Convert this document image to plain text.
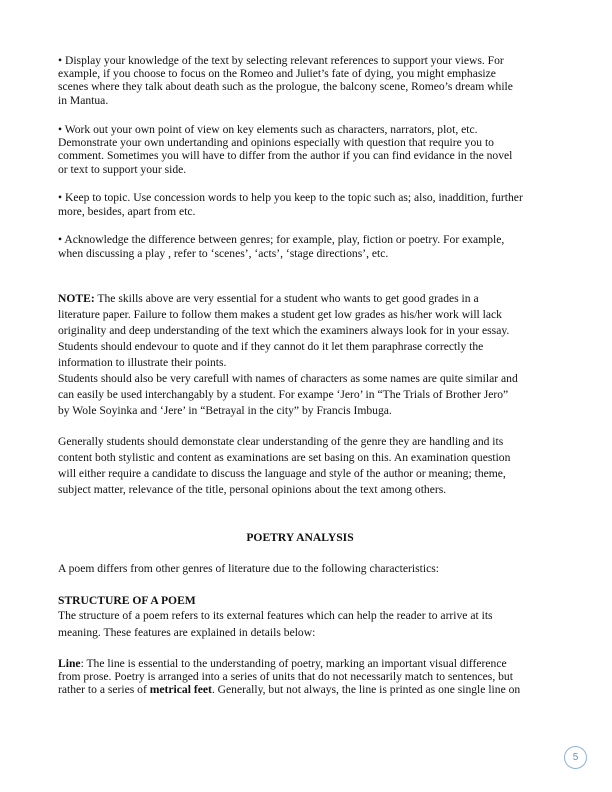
• Display your knowledge of the text by selecting relevant references to support your views. For
example, if you choose to focus on the Romeo and Juliet’s fate of dying, you might emphasize
scenes where they talk about death such as the prologue, the balcony scene, Romeo’s dream while
in Mantua.
• Work out your own point of view on key elements such as characters, narrators, plot, etc.
Demonstrate your own undertanding and opinions especially with question that require you to
comment. Sometimes you will have to differ from the author if you can find evidance in the novel
or text to support your side.
• Keep to topic. Use concession words to help you keep to the topic such as; also, inaddition, further
more, besides, apart from etc.
• Acknowledge the difference between genres; for example, play, fiction or poetry. For example,
when discussing a play , refer to ‘scenes’, ‘acts’, ‘stage directions’, etc.
NOTE: The skills above are very essential for a student who wants to get good grades in a
literature paper. Failure to follow them makes a student get low grades as his/her work will lack
originality and deep understanding of the text which the examiners always look for in your essay.
Students should endevour to quote and if they cannot do it let them paraphrase correctly the
information to illustrate their points.
Students should also be very carefull with names of characters as some names are quite similar and
can easily be used interchangably by a student. For exampe ‘Jero’ in “The Trials of Brother Jero”
by Wole Soyinka and ‘Jere’ in “Betrayal in the city” by Francis Imbuga.
Generally students should demonstate clear understanding of the genre they are handling and its
content both stylistic and content as examinations are set basing on this. An examination question
will either require a candidate to discuss the language and style of the author or meaning; theme,
subject matter, relevance of the title, personal opinions about the text among others.
POETRY ANALYSIS
A poem differs from other genres of literature due to the following characteristics:
STRUCTURE OF A POEM
The structure of a poem refers to its external features which can help the reader to arrive at its
meaning. These features are explained in details below:
Line: The line is essential to the understanding of poetry, marking an important visual difference
from prose. Poetry is arranged into a series of units that do not necessarily match to sentences, but
rather to a series of metrical feet. Generally, but not always, the line is printed as one single line on
5
